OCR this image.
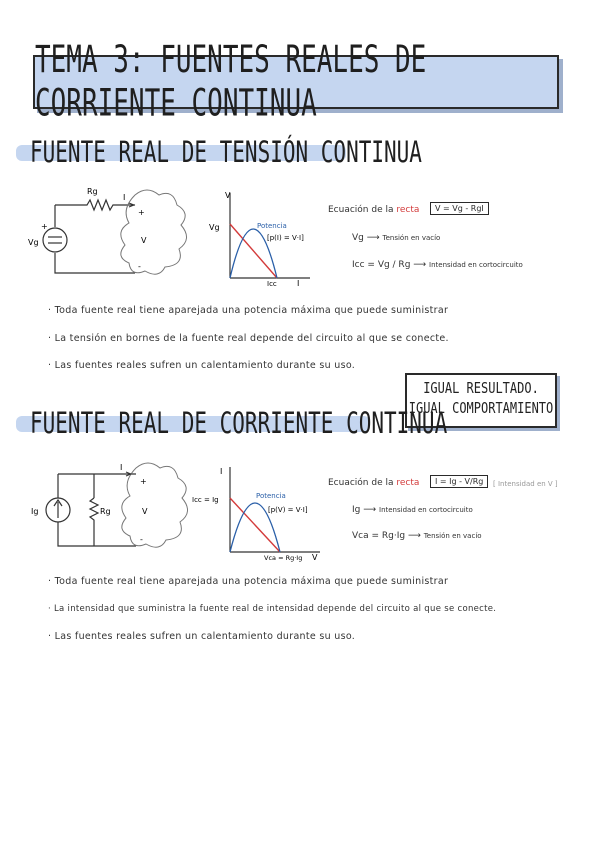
TEMA 3: FUENTES REALES DE CORRIENTE CONTINUA
FUENTE REAL DE TENSIÓN CONTINUA
Rg
I
+
+
-
V
Vg
V
I
Vg
Icc
Potencia
[p(I) = V·I]
Ecuación de la recta	V = Vg - RgI
Vg ⟶ Tensión en vacío
Icc = Vg / Rg ⟶ Intensidad en cortocircuito
· Toda fuente real tiene aparejada una potencia máxima que puede suministrar
· La tensión en bornes de la fuente real depende del circuito al que se conecte.
· Las fuentes reales sufren un calentamiento durante su uso.
IGUAL RESULTADO.
IGUAL COMPORTAMIENTO
FUENTE REAL DE CORRIENTE CONTINUA
I
Ig	Rg
+
-
V
I
V
Icc = Ig
Vca = Rg·Ig
Potencia
[p(V) = V·I]
Ecuación de la recta	I = Ig - V/Rg	[ Intensidad en V ]
Ig ⟶ Intensidad en cortocircuito
Vca = Rg·Ig ⟶ Tensión en vacío
· Toda fuente real tiene aparejada una potencia máxima que puede suministrar
· La intensidad que suministra la fuente real de intensidad depende del circuito al que se conecte.
· Las fuentes reales sufren un calentamiento durante su uso.
